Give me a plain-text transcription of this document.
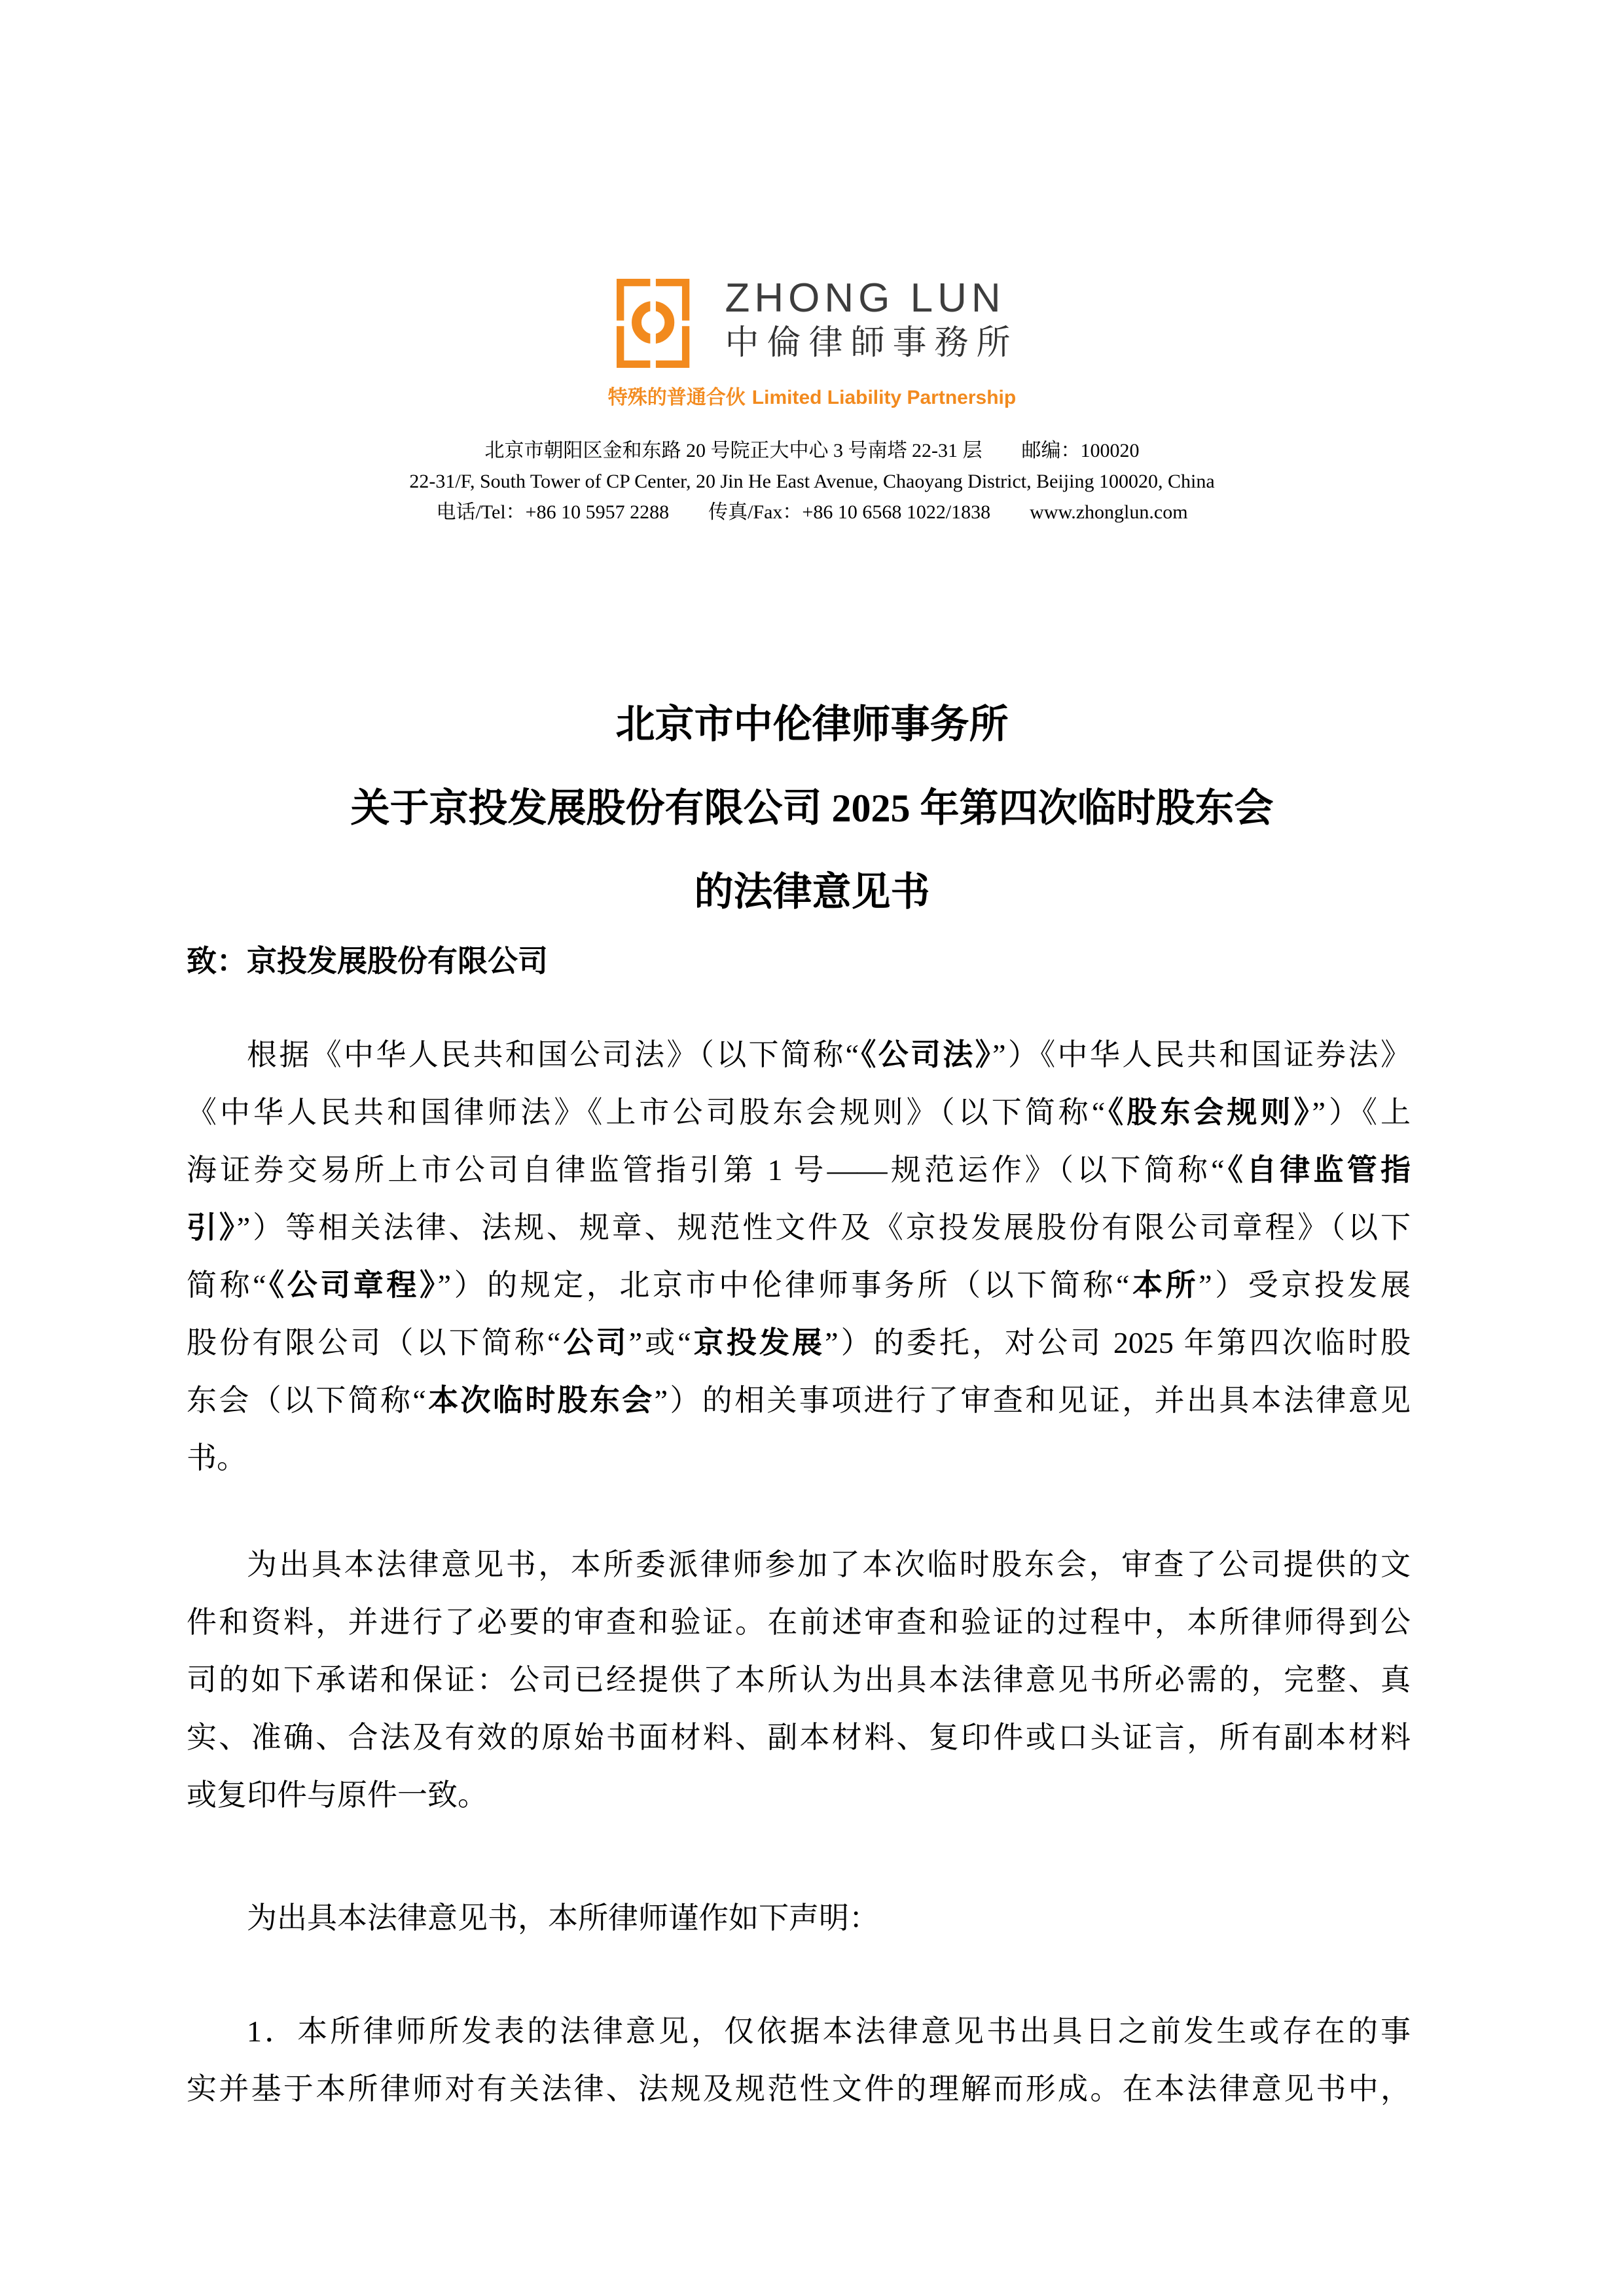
ZHONG LUN
中倫律師事務所
特殊的普通合伙 Limited Liability Partnership
北京市朝阳区金和东路 20 号院正大中心 3 号南塔 22-31 层　　邮编：100020
22-31/F, South Tower of CP Center, 20 Jin He East Avenue, Chaoyang District, Beijing 100020, China
电话/Tel：+86 10 5957 2288　　传真/Fax：+86 10 6568 1022/1838　　www.zhonglun.com
北京市中伦律师事务所
关于京投发展股份有限公司 2025 年第四次临时股东会
的法律意见书
致：京投发展股份有限公司
根据《中华人民共和国公司法》（以下简称“《公司法》”）《中华人民共和国证券法》
《中华人民共和国律师法》《上市公司股东会规则》（以下简称“《股东会规则》”）《上
海证券交易所上市公司自律监管指引第 1 号——规范运作》（以下简称“《自律监管指
引》”）等相关法律、法规、规章、规范性文件及《京投发展股份有限公司章程》（以下
简称“《公司章程》”）的规定，北京市中伦律师事务所（以下简称“本所”）受京投发展
股份有限公司（以下简称“公司”或“京投发展”）的委托，对公司 2025 年第四次临时股
东会（以下简称“本次临时股东会”）的相关事项进行了审查和见证，并出具本法律意见
书。
为出具本法律意见书，本所委派律师参加了本次临时股东会，审查了公司提供的文
件和资料，并进行了必要的审查和验证。在前述审查和验证的过程中，本所律师得到公
司的如下承诺和保证：公司已经提供了本所认为出具本法律意见书所必需的，完整、真
实、准确、合法及有效的原始书面材料、副本材料、复印件或口头证言，所有副本材料
或复印件与原件一致。
为出具本法律意见书，本所律师谨作如下声明：
1．本所律师所发表的法律意见，仅依据本法律意见书出具日之前发生或存在的事
实并基于本所律师对有关法律、法规及规范性文件的理解而形成。在本法律意见书中，
